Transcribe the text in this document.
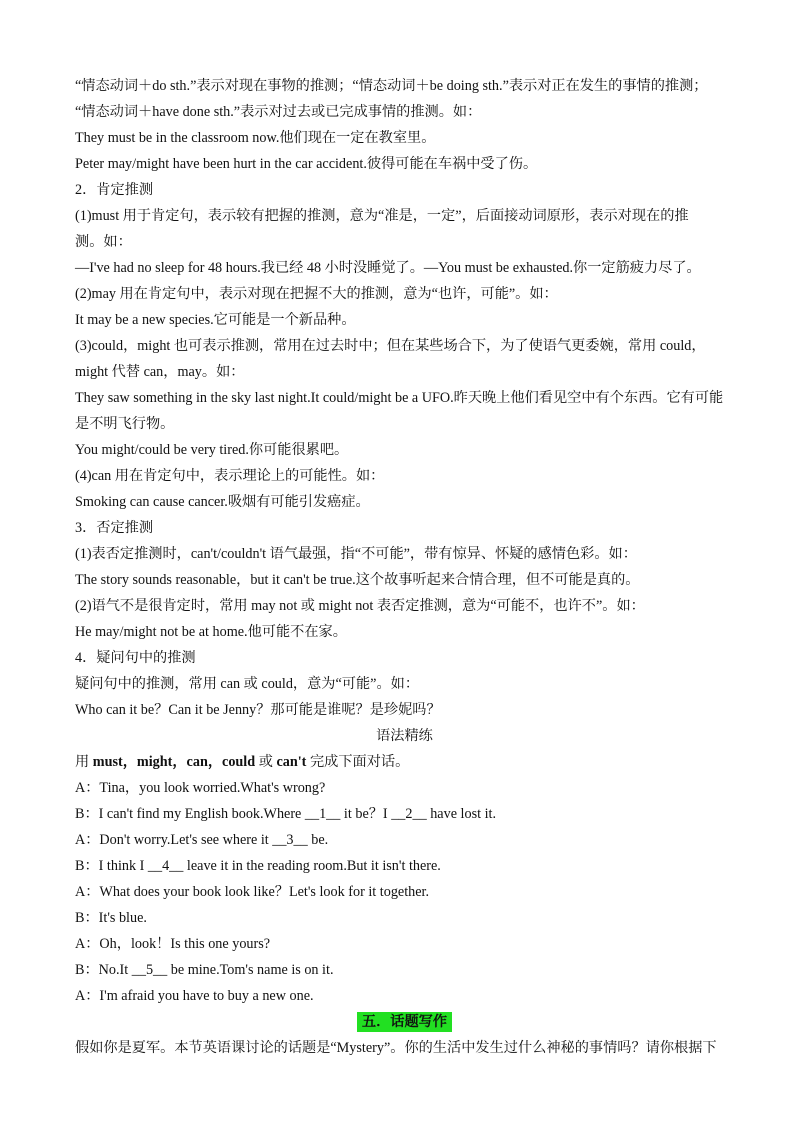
“情态动词＋do sth.”表示对现在事物的推测；“情态动词＋be doing sth.”表示对正在发生的事情的推测；
“情态动词＋have done sth.”表示对过去或已完成事情的推测。如：
They must be in the classroom now.他们现在一定在教室里。
Peter may/might have been hurt in the car accident.彼得可能在车祸中受了伤。
2．肯定推测
(1)must 用于肯定句，表示较有把握的推测，意为“准是，一定”，后面接动词原形，表示对现在的推
测。如：
—I've had no sleep for 48 hours.我已经 48 小时没睡觉了。—You must be exhausted.你一定筋疲力尽了。
(2)may 用在肯定句中，表示对现在把握不大的推测，意为“也许，可能”。如：
It may be a new species.它可能是一个新品种。
(3)could，might 也可表示推测，常用在过去时中；但在某些场合下，为了使语气更委婉，常用 could，
might 代替 can，may。如：
They saw something in the sky last night.It could/might be a UFO.昨天晚上他们看见空中有个东西。它有可能
是不明飞行物。
You might/could be very tired.你可能很累吧。
(4)can 用在肯定句中，表示理论上的可能性。如：
Smoking can cause cancer.吸烟有可能引发癌症。
3．否定推测
(1)表否定推测时，can't/couldn't 语气最强，指“不可能”，带有惊异、怀疑的感情色彩。如：
The story sounds reasonable，but it can't be true.这个故事听起来合情合理，但不可能是真的。
(2)语气不是很肯定时，常用 may not 或 might not 表否定推测，意为“可能不，也许不”。如：
He may/might not be at home.他可能不在家。
4．疑问句中的推测
疑问句中的推测，常用 can 或 could，意为“可能”。如：
Who can it be？Can it be Jenny？那可能是谁呢？是珍妮吗？
语法精练
用 must，might，can，could 或 can't 完成下面对话。
A：Tina，you look worried.What's wrong?
B：I can't find my English book.Where __1__ it be？I __2__ have lost it.
A：Don't worry.Let's see where it __3__ be.
B：I think I __4__ leave it in the reading room.But it isn't there.
A：What does your book look like？Let's look for it together.
B：It's blue.
A：Oh，look！Is this one yours?
B：No.It __5__ be mine.Tom's name is on it.
A：I'm afraid you have to buy a new one.
五．话题写作
假如你是夏军。本节英语课讨论的话题是“Mystery”。你的生活中发生过什么神秘的事情吗？请你根据下
